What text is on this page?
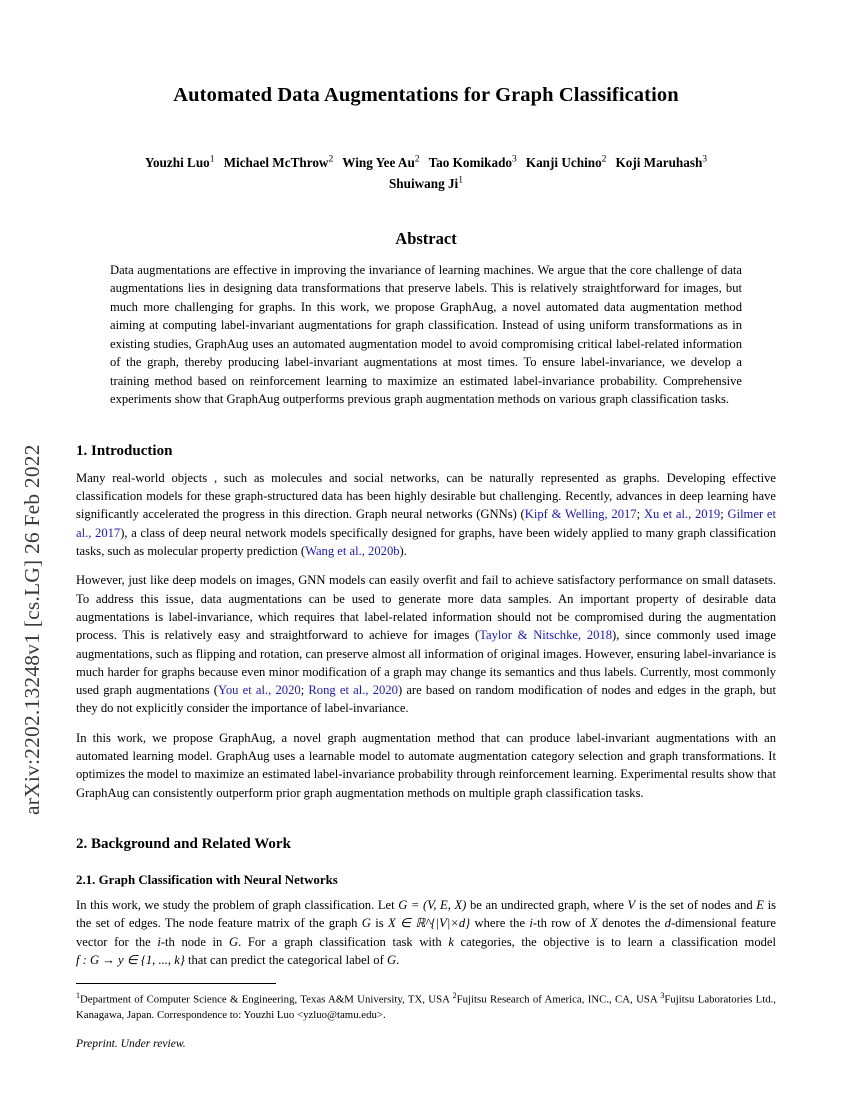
arXiv:2202.13248v1 [cs.LG] 26 Feb 2022
Automated Data Augmentations for Graph Classification
Youzhi Luo$^1$ Michael McThrow$^2$ Wing Yee Au$^2$ Tao Komikado$^3$ Kanji Uchino$^2$ Koji Maruhash$^3$
Shuiwang Ji$^1$
Abstract
Data augmentations are effective in improving the invariance of learning machines. We argue that the core challenge of data augmentations lies in designing data transformations that preserve labels. This is relatively straightforward for images, but much more challenging for graphs. In this work, we propose GraphAug, a novel automated data augmentation method aiming at computing label-invariant augmentations for graph classification. Instead of using uniform transformations as in existing studies, GraphAug uses an automated augmentation model to avoid compromising critical label-related information of the graph, thereby producing label-invariant augmentations at most times. To ensure label-invariance, we develop a training method based on reinforcement learning to maximize an estimated label-invariance probability. Comprehensive experiments show that GraphAug outperforms previous graph augmentation methods on various graph classification tasks.
1. Introduction

Many real-world objects , such as molecules and social networks, can be naturally represented as graphs. Developing effective classification models for these graph-structured data has been highly desirable but challenging. Recently, advances in deep learning have significantly accelerated the progress in this direction. Graph neural networks (GNNs) (Kipf & Welling, 2017; Xu et al., 2019; Gilmer et al., 2017), a class of deep neural network models specifically designed for graphs, have been widely applied to many graph classification tasks, such as molecular property prediction (Wang et al., 2020b).

However, just like deep models on images, GNN models can easily overfit and fail to achieve satisfactory performance on small datasets. To address this issue, data augmentations can be used to generate more data samples. An important property of desirable data augmentations is label-invariance, which requires that label-related information should not be compromised during the augmentation process. This is relatively easy and straightforward to achieve for images (Taylor & Nitschke, 2018), since commonly used image augmentations, such as flipping and rotation, can preserve almost all information of original images. However, ensuring label-invariance is much harder for graphs because even minor modification of a graph may change its semantics and thus labels. Currently, most commonly used graph augmentations (You et al., 2020; Rong et al., 2020) are based on random modification of nodes and edges in the graph, but they do not explicitly consider the importance of label-invariance.

In this work, we propose GraphAug, a novel graph augmentation method that can produce label-invariant augmentations with an automated learning model. GraphAug uses a learnable model to automate augmentation category selection and graph transformations. It optimizes the model to maximize an estimated label-invariance probability through reinforcement learning. Experimental results show that GraphAug can consistently outperform prior graph augmentation methods on multiple graph classification tasks.

2. Background and Related Work
2.1. Graph Classification with Neural Networks

In this work, we study the problem of graph classification. Let G = (V, E, X) be an undirected graph, where V is the set of nodes and E is the set of edges. The node feature matrix of the graph G is X ∈ ℝ^{|V|×d} where the i-th row of X denotes the d-dimensional feature vector for the i-th node in G. For a graph classification task with k categories, the objective is to learn a classification model f : G → y ∈ {1, ..., k} that can predict the categorical label of G.

$^1$Department of Computer Science & Engineering, Texas A&M University, TX, USA $^2$Fujitsu Research of America, INC., CA, USA $^3$Fujitsu Laboratories Ltd., Kanagawa, Japan. Correspondence to: Youzhi Luo <yzluo@tamu.edu>.
Preprint. Under review.
